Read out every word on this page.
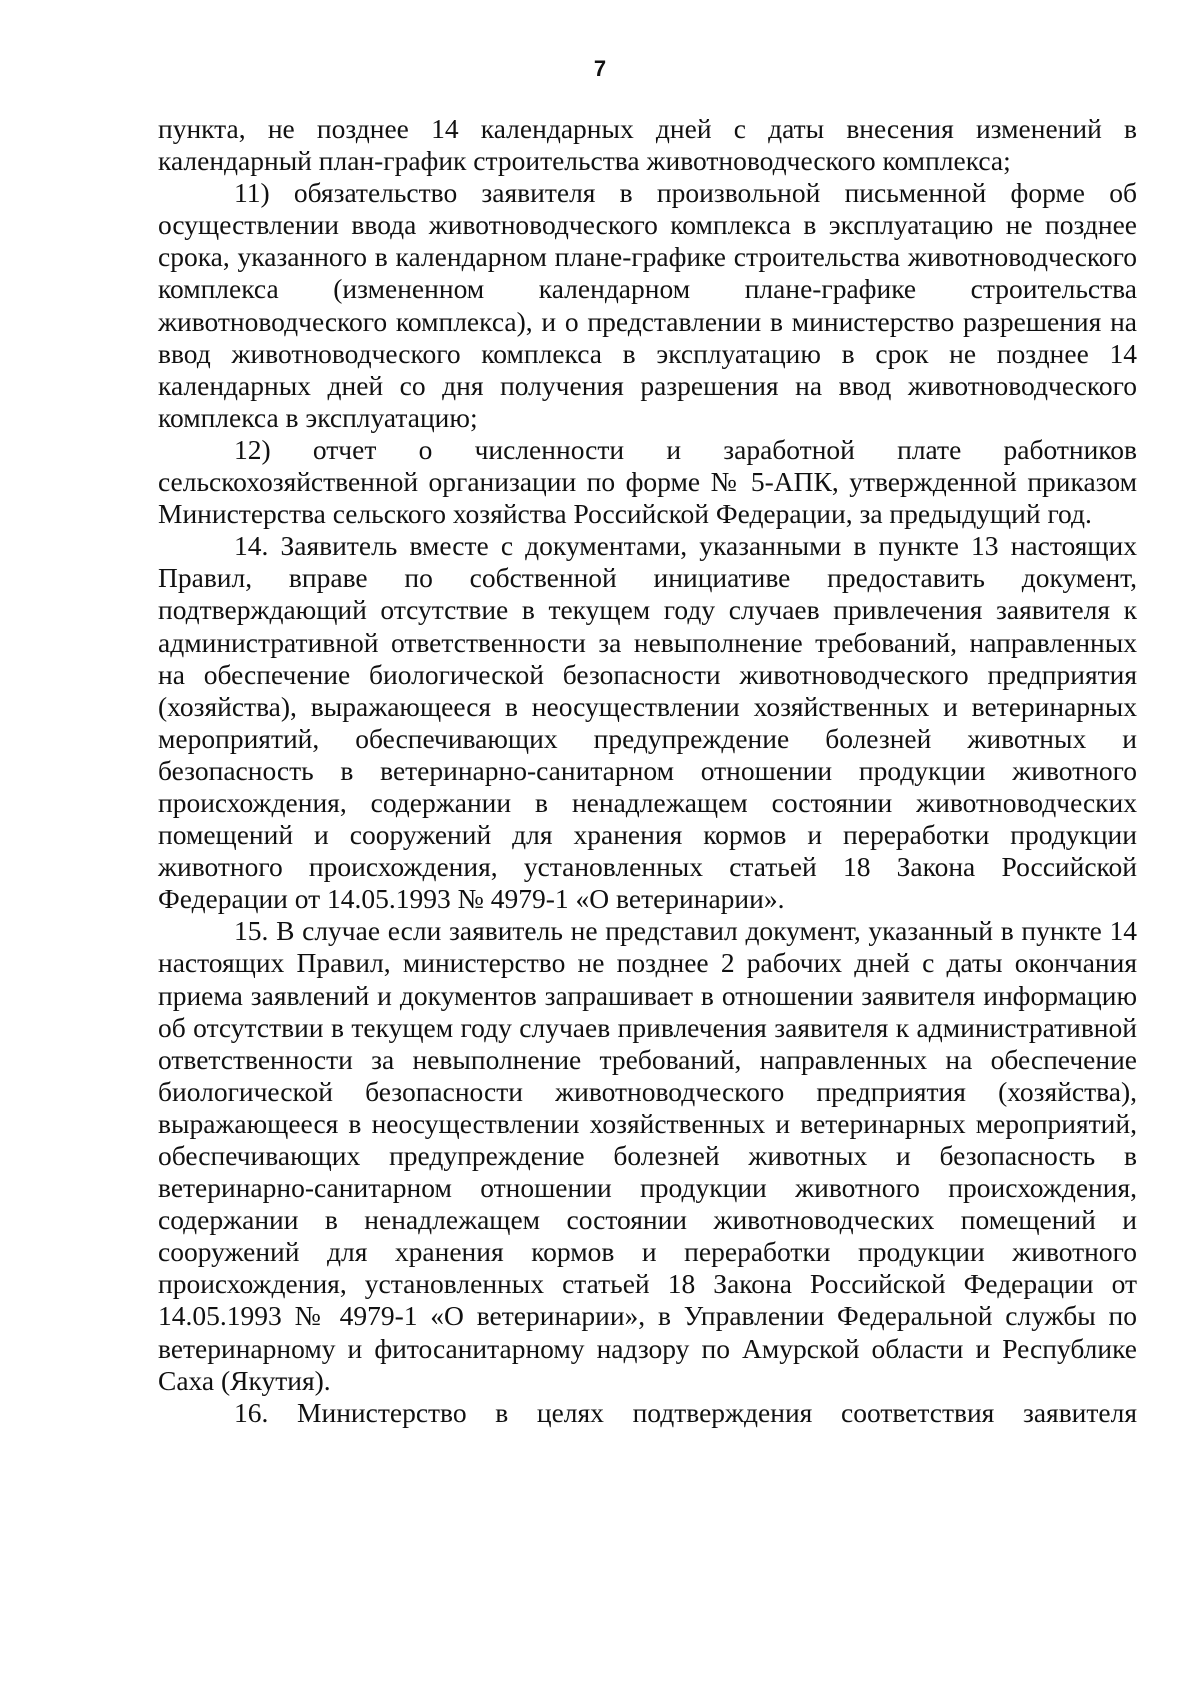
7

пункта, не позднее 14 календарных дней с даты внесения изменений в календарный план-график строительства животноводческого комплекса;

11) обязательство заявителя в произвольной письменной форме об осуществлении ввода животноводческого комплекса в эксплуатацию не позднее срока, указанного в календарном плане-графике строительства животноводческого комплекса (измененном календарном плане-графике строительства животноводческого комплекса), и о представлении в министерство разрешения на ввод животноводческого комплекса в эксплуатацию в срок не позднее 14 календарных дней со дня получения разрешения на ввод животноводческого комплекса в эксплуатацию;

12) отчет о численности и заработной плате работников сельскохозяйственной организации по форме № 5-АПК, утвержденной приказом Министерства сельского хозяйства Российской Федерации, за предыдущий год.

14. Заявитель вместе с документами, указанными в пункте 13 настоящих Правил, вправе по собственной инициативе предоставить документ, подтверждающий отсутствие в текущем году случаев привлечения заявителя к административной ответственности за невыполнение требований, направленных на обеспечение биологической безопасности животноводческого предприятия (хозяйства), выражающееся в неосуществлении хозяйственных и ветеринарных мероприятий, обеспечивающих предупреждение болезней животных и безопасность в ветеринарно-санитарном отношении продукции животного происхождения, содержании в ненадлежащем состоянии животноводческих помещений и сооружений для хранения кормов и переработки продукции животного происхождения, установленных статьей 18 Закона Российской Федерации от 14.05.1993 № 4979-1 «О ветеринарии».

15. В случае если заявитель не представил документ, указанный в пункте 14 настоящих Правил, министерство не позднее 2 рабочих дней с даты окончания приема заявлений и документов запрашивает в отношении заявителя информацию об отсутствии в текущем году случаев привлечения заявителя к административной ответственности за невыполнение требований, направленных на обеспечение биологической безопасности животноводческого предприятия (хозяйства), выражающееся в неосуществлении хозяйственных и ветеринарных мероприятий, обеспечивающих предупреждение болезней животных и безопасность в ветеринарно-санитарном отношении продукции животного происхождения, содержании в ненадлежащем состоянии животноводческих помещений и сооружений для хранения кормов и переработки продукции животного происхождения, установленных статьей 18 Закона Российской Федерации от 14.05.1993 № 4979-1 «О ветеринарии», в Управлении Федеральной службы по ветеринарному и фитосанитарному надзору по Амурской области и Республике Саха (Якутия).

16. Министерство в целях подтверждения соответствия заявителя
